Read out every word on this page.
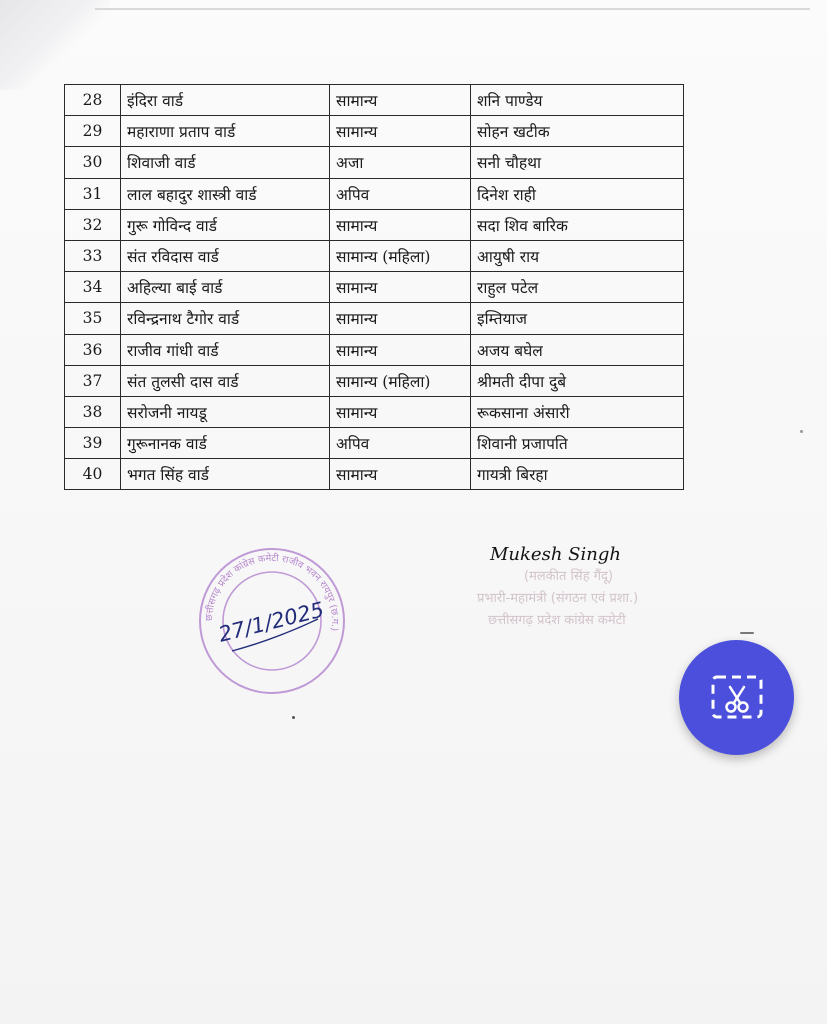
28	इंदिरा वार्ड	सामान्य	शनि पाण्डेय
29	महाराणा प्रताप वार्ड	सामान्य	सोहन खटीक
30	शिवाजी वार्ड	अजा	सनी चौहथा
31	लाल बहादुर शास्त्री वार्ड	अपिव	दिनेश राही
32	गुरू गोविन्द वार्ड	सामान्य	सदा शिव बारिक
33	संत रविदास वार्ड	सामान्य (महिला)	आयुषी राय
34	अहिल्या बाई वार्ड	सामान्य	राहुल पटेल
35	रविन्द्रनाथ टैगोर वार्ड	सामान्य	इम्तियाज
36	राजीव गांधी वार्ड	सामान्य	अजय बघेल
37	संत तुलसी दास वार्ड	सामान्य (महिला)	श्रीमती दीपा दुबे
38	सरोजनी नायडू	सामान्य	रूकसाना अंसारी
39	गुरूनानक वार्ड	अपिव	शिवानी प्रजापति
40	भगत सिंह वार्ड	सामान्य	गायत्री बिरहा
छत्तीसगढ़ प्रदेश कांग्रेस कमेटी राजीव भवन रायपुर (छ.ग.)
27/1/2025
Mukesh Singh
(मलकीत सिंह गैंदू)
प्रभारी-महामंत्री (संगठन एवं प्रशा.)
छत्तीसगढ़ प्रदेश कांग्रेस कमेटी
